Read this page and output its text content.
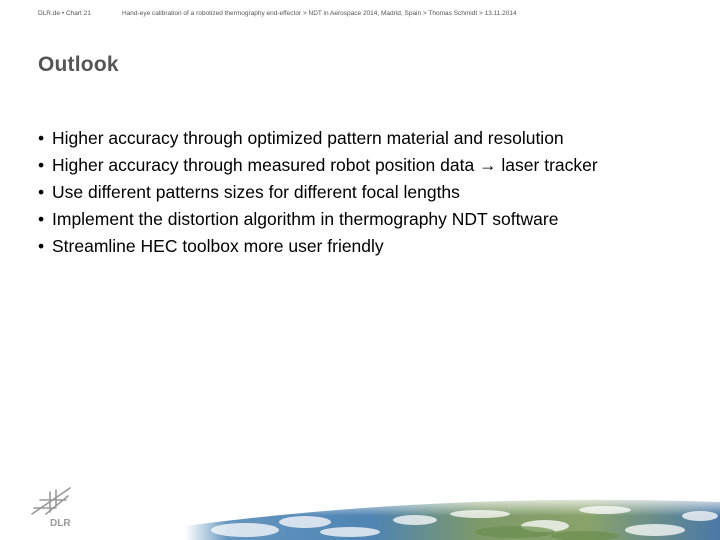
DLR.de • Chart 21	Hand-eye calibration of a robotized thermography end-effector > NDT in Aerospace 2014, Madrid, Spain > Thomas Schmidt > 13.11.2014
Outlook
• Higher accuracy through optimized pattern material and resolution
• Higher accuracy through measured robot position data → laser tracker
• Use different patterns sizes for different focal lengths
• Implement the distortion algorithm in thermography NDT software
• Streamline HEC toolbox more user friendly
DLR
